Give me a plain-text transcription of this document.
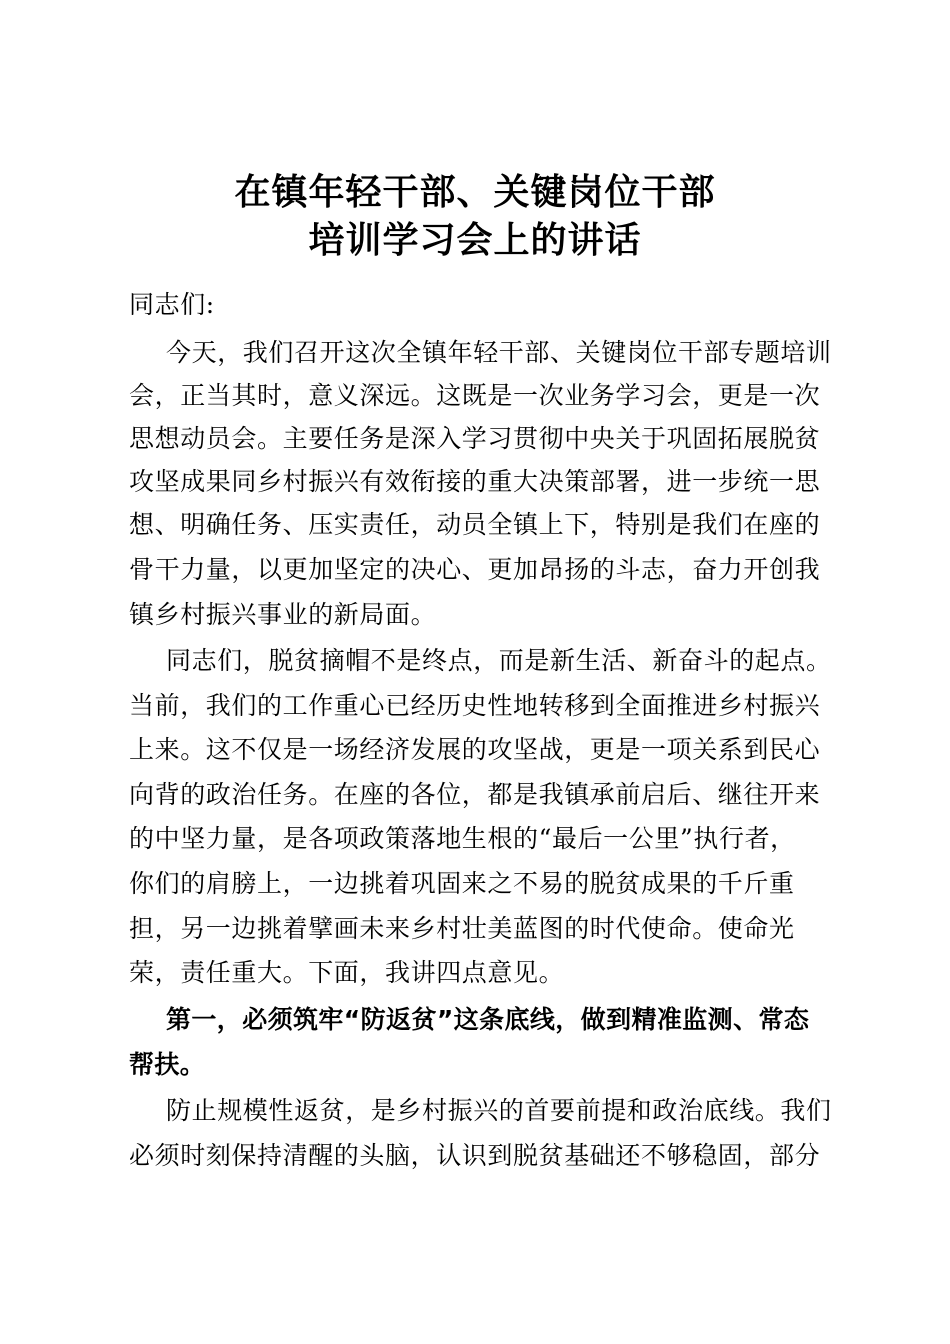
在镇年轻干部、关键岗位干部
培训学习会上的讲话
同志们:
今天，我们召开这次全镇年轻干部、关键岗位干部专题培训
会，正当其时，意义深远。这既是一次业务学习会，更是一次
思想动员会。主要任务是深入学习贯彻中央关于巩固拓展脱贫
攻坚成果同乡村振兴有效衔接的重大决策部署，进一步统一思
想、明确任务、压实责任，动员全镇上下，特别是我们在座的
骨干力量，以更加坚定的决心、更加昂扬的斗志，奋力开创我
镇乡村振兴事业的新局面。
同志们，脱贫摘帽不是终点，而是新生活、新奋斗的起点。
当前，我们的工作重心已经历史性地转移到全面推进乡村振兴
上来。这不仅是一场经济发展的攻坚战，更是一项关系到民心
向背的政治任务。在座的各位，都是我镇承前启后、继往开来
的中坚力量，是各项政策落地生根的“最后一公里”执行者，
你们的肩膀上，一边挑着巩固来之不易的脱贫成果的千斤重
担，另一边挑着擘画未来乡村壮美蓝图的时代使命。使命光
荣，责任重大。下面，我讲四点意见。
第一，必须筑牢“防返贫”这条底线，做到精准监测、常态
帮扶。
防止规模性返贫，是乡村振兴的首要前提和政治底线。我们
必须时刻保持清醒的头脑，认识到脱贫基础还不够稳固，部分
